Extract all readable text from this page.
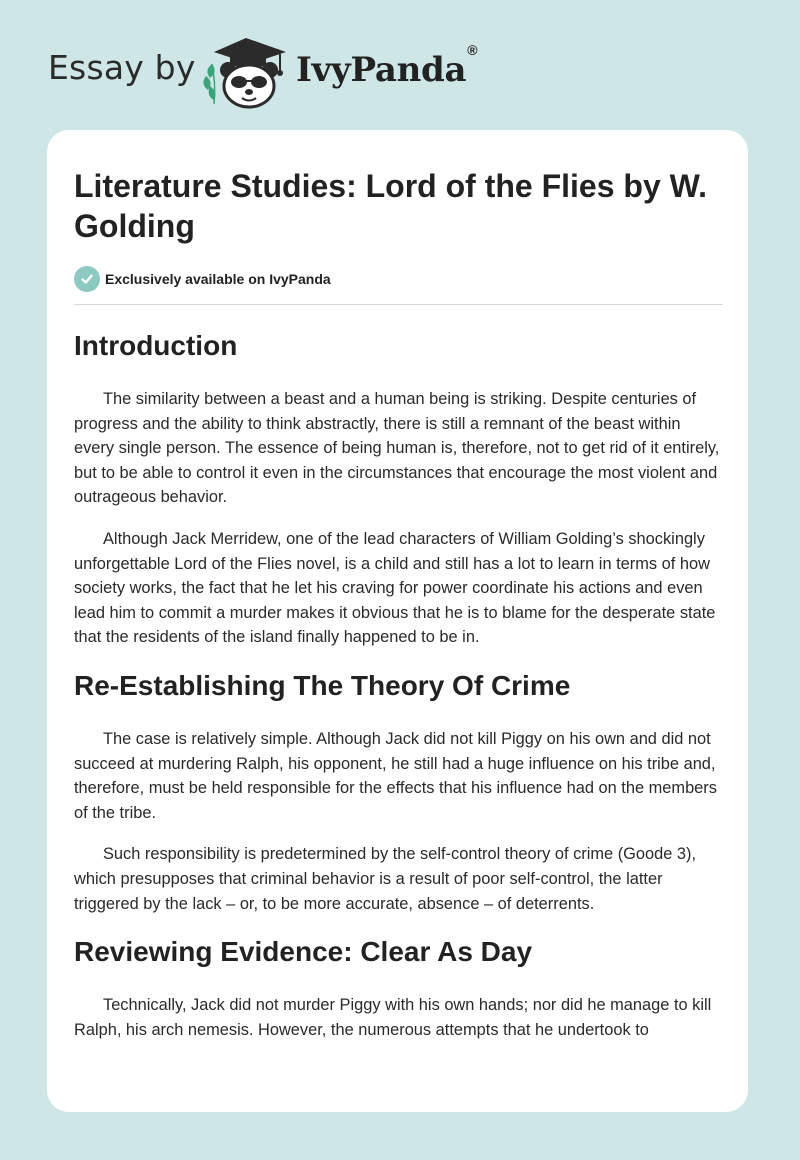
Essay by	IvyPanda®
Literature Studies: Lord of the Flies by W. Golding
Exclusively available on IvyPanda
Introduction

The similarity between a beast and a human being is striking. Despite centuries of progress and the ability to think abstractly, there is still a remnant of the beast within every single person. The essence of being human is, therefore, not to get rid of it entirely, but to be able to control it even in the circumstances that encourage the most violent and outrageous behavior.

Although Jack Merridew, one of the lead characters of William Golding’s shockingly unforgettable Lord of the Flies novel, is a child and still has a lot to learn in terms of how society works, the fact that he let his craving for power coordinate his actions and even lead him to commit a murder makes it obvious that he is to blame for the desperate state that the residents of the island finally happened to be in.

Re-Establishing The Theory Of Crime

The case is relatively simple. Although Jack did not kill Piggy on his own and did not succeed at murdering Ralph, his opponent, he still had a huge influence on his tribe and, therefore, must be held responsible for the effects that his influence had on the members of the tribe.

Such responsibility is predetermined by the self-control theory of crime (Goode 3), which presupposes that criminal behavior is a result of poor self-control, the latter triggered by the lack – or, to be more accurate, absence – of deterrents.

Reviewing Evidence: Clear As Day

Technically, Jack did not murder Piggy with his own hands; nor did he manage to kill Ralph, his arch nemesis. However, the numerous attempts that he undertook to
